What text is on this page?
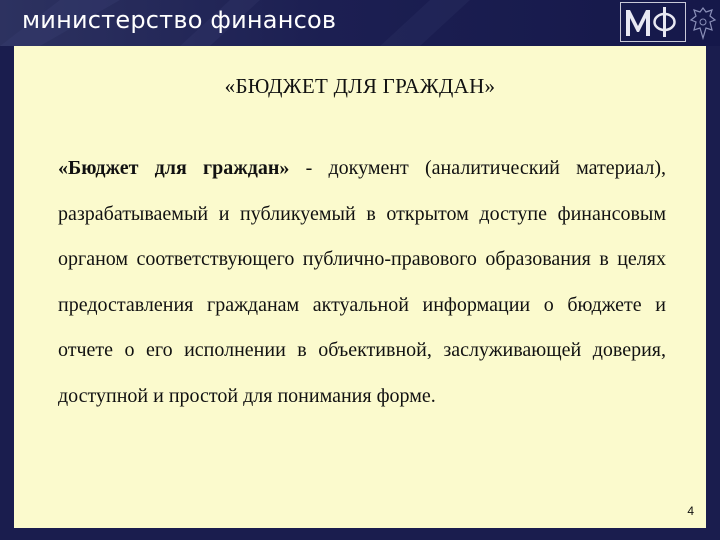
министерство финансов
«БЮДЖЕТ ДЛЯ ГРАЖДАН»
«Бюджет для граждан» - документ (аналитический материал), разрабатываемый и публикуемый в открытом доступе финансовым органом соответствующего публично-правового образования в целях предоставления гражданам актуальной информации о бюджете и отчете о его исполнении в объективной, заслуживающей доверия, доступной и простой для понимания форме.
4
